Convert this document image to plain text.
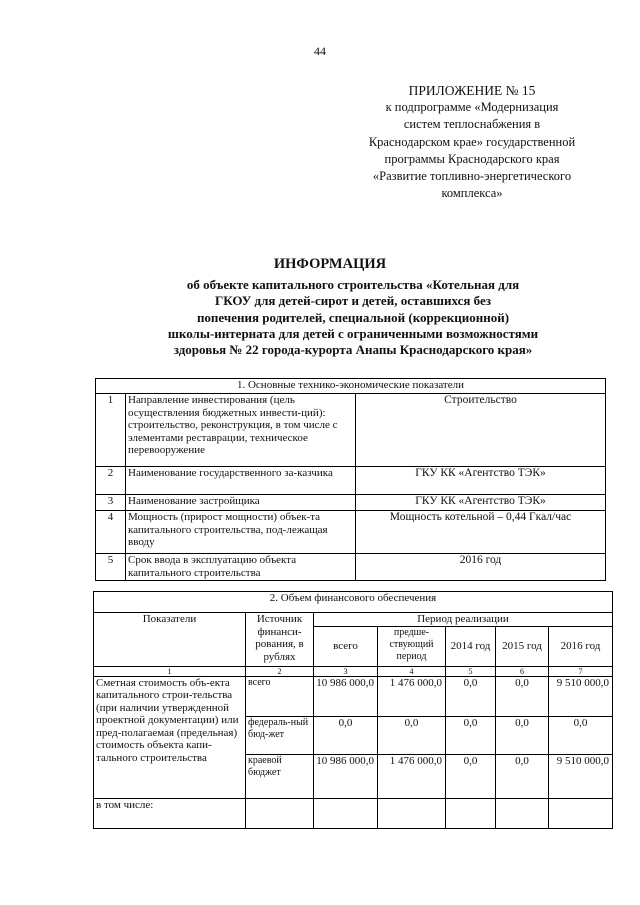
44
ПРИЛОЖЕНИЕ № 15
к подпрограмме «Модернизация
систем теплоснабжения в
Краснодарском крае» государственной
программы Краснодарского края
«Развитие топливно-энергетического
комплекса»
ИНФОРМАЦИЯ
об объекте капитального строительства «Котельная для
ГКОУ для детей-сирот и детей, оставшихся без
попечения родителей, специальной (коррекционной)
школы-интерната для детей с ограниченными возможностями
здоровья № 22 города-курорта Анапы Краснодарского края»
1. Основные технико-экономические показатели		
1	Направление инвестирования (цель осуществления бюджетных инвести-ций): строительство, реконструкция, в том числе с элементами реставрации, техническое перевооружение	Строительство
2	Наименование государственного за-казчика	ГКУ КК «Агентство ТЭК»
3	Наименование застройщика	ГКУ КК «Агентство ТЭК»
4	Мощность (прирост мощности) объек-та капитального строительства, под-лежащая вводу	Мощность котельной – 0,44 Гкал/час
5	Срок ввода в эксплуатацию объекта капитального строительства	2016 год
2. Объем финансового обеспечения						
Показатели	Источник финанси-рования, в рублях	Период реализации				
		всего	предше-ствующий период	2014 год	2015 год	2016 год
1	2	3	4	5	6	7
Сметная стоимость объ-екта капитального строи-тельства (при наличии утвержденной проектной документации) или пред-полагаемая (предельная) стоимость объекта капи-тального строительства	всего	10 986 000,0	1 476 000,0	0,0	0,0	9 510 000,0
	федераль-ный бюд-жет	0,0	0,0	0,0	0,0	0,0
	краевой бюджет	10 986 000,0	1 476 000,0	0,0	0,0	9 510 000,0
в том числе:						
